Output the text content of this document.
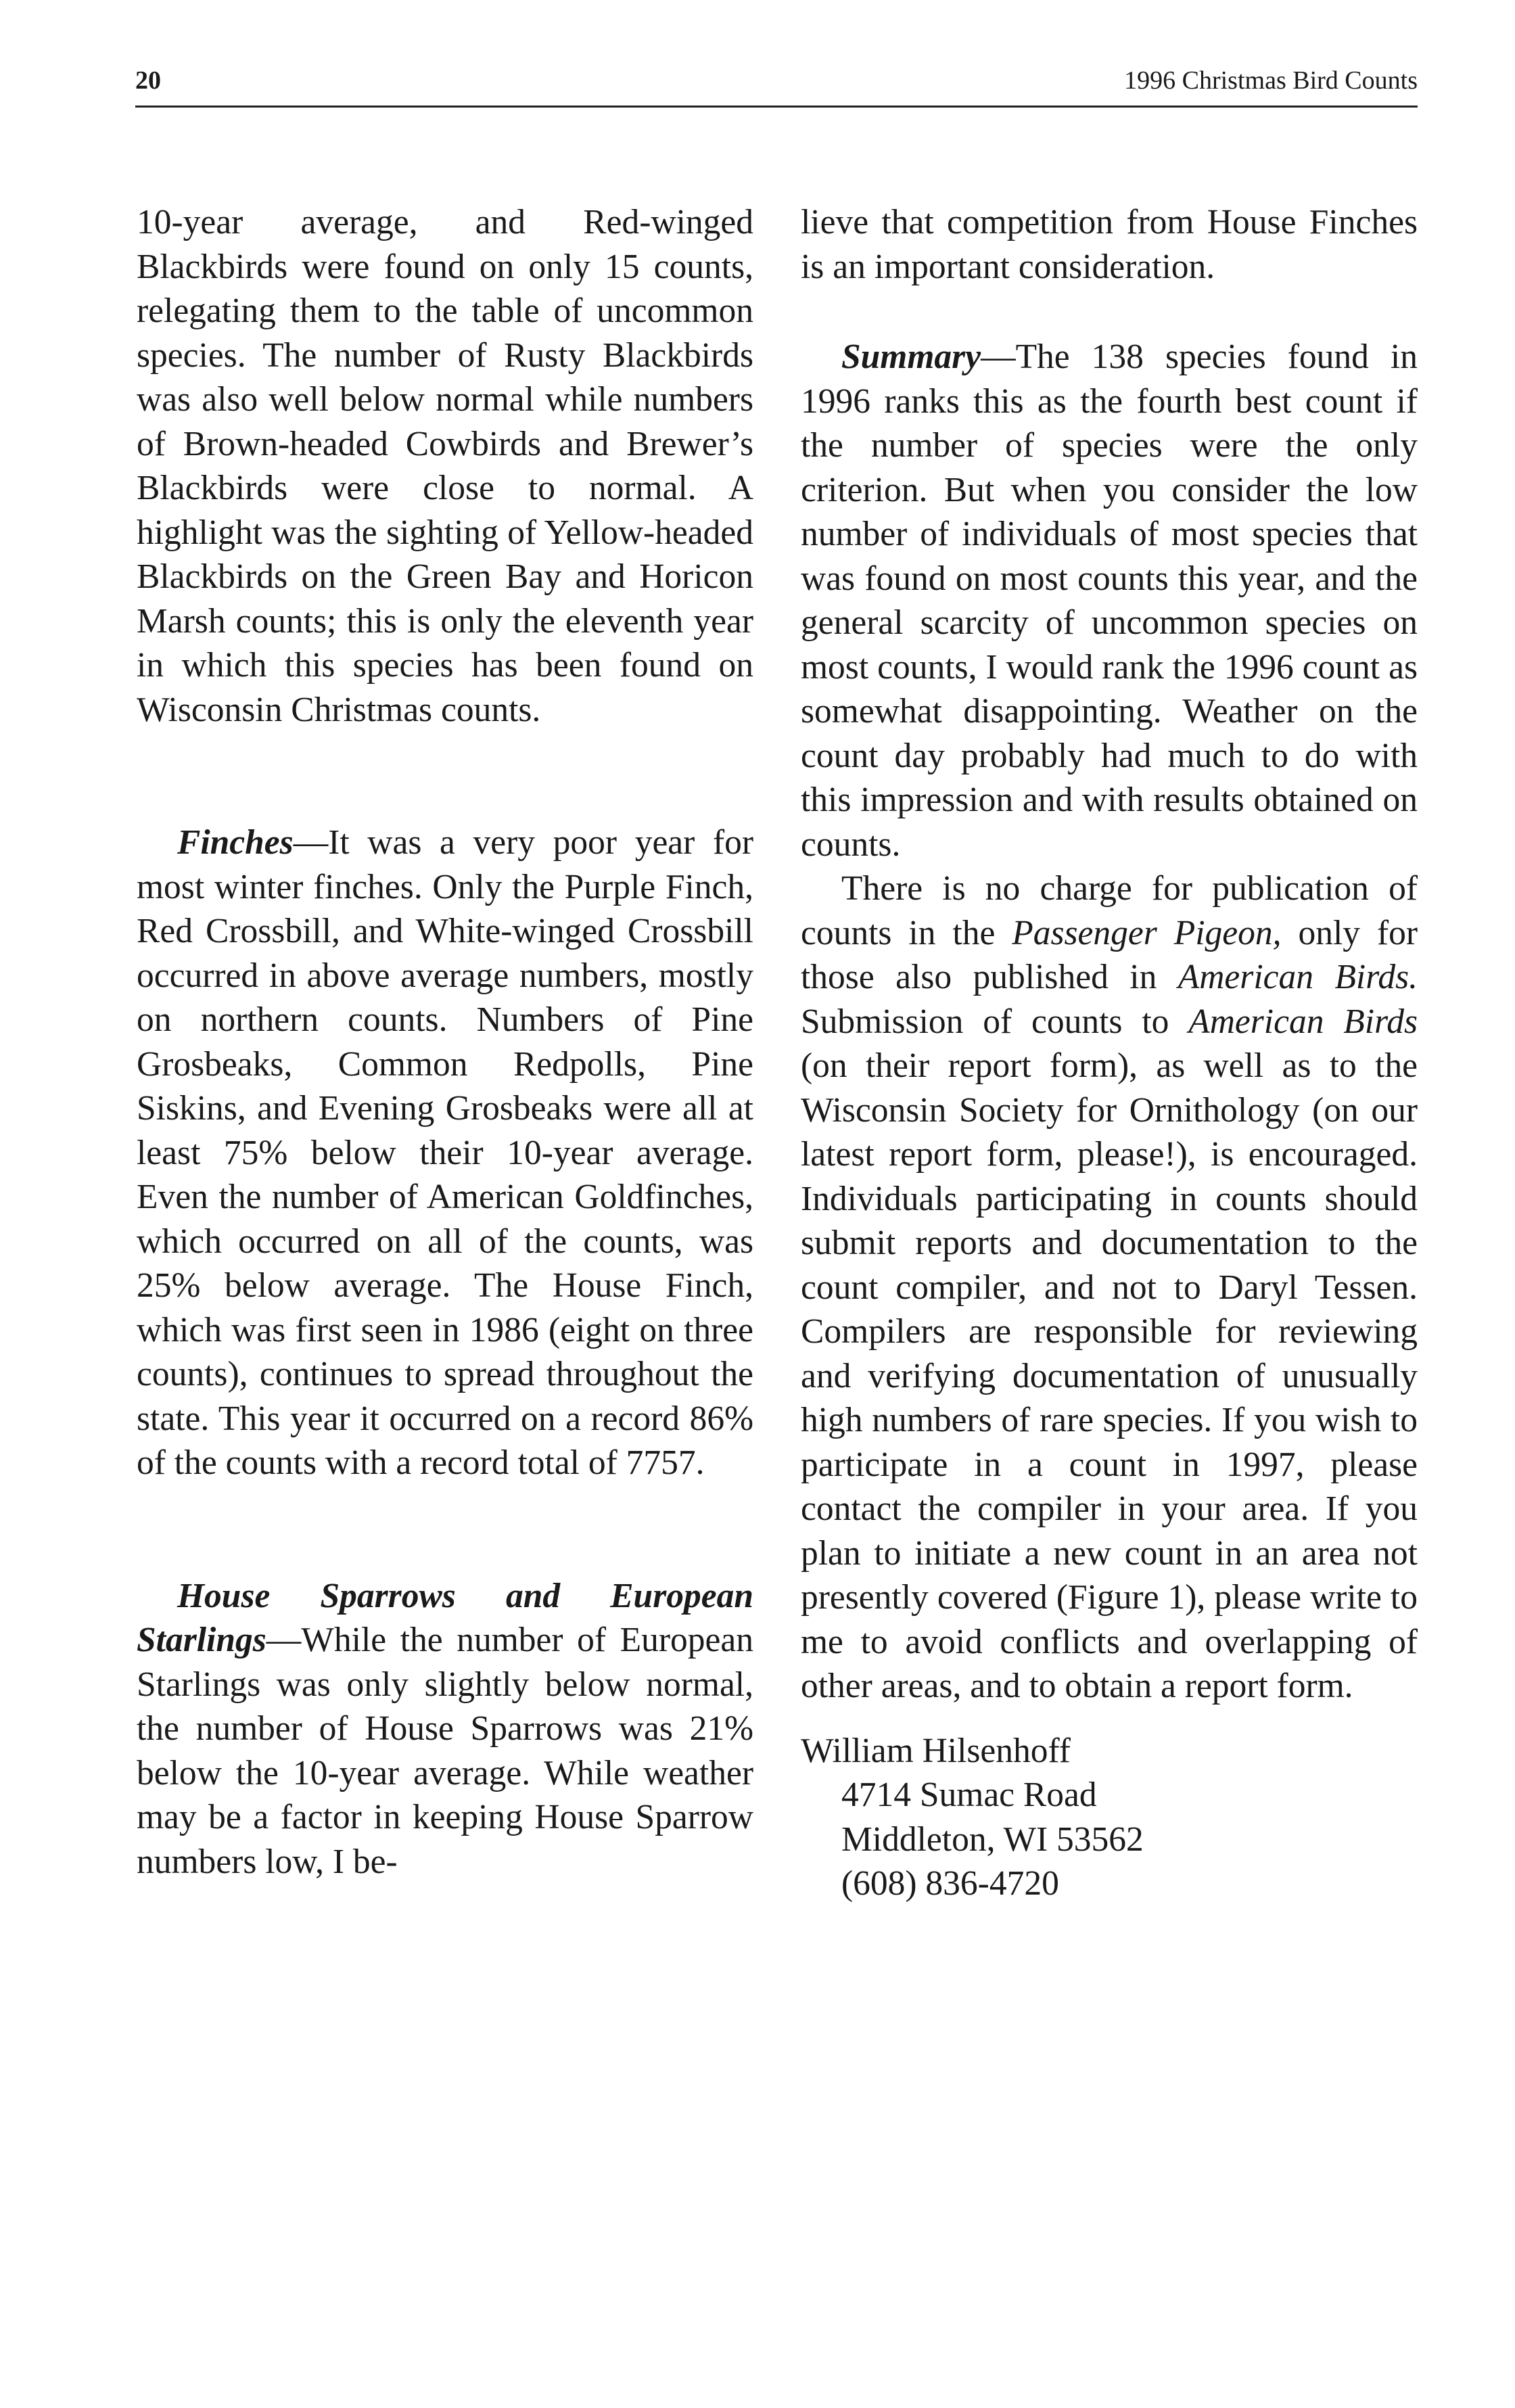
20	1996 Christmas Bird Counts

10-year average, and Red-winged Blackbirds were found on only 15 counts, relegating them to the table of uncommon species. The number of Rusty Blackbirds was also well below normal while numbers of Brown-headed Cowbirds and Brewer’s Blackbirds were close to normal. A highlight was the sighting of Yellow-headed Blackbirds on the Green Bay and Horicon Marsh counts; this is only the eleventh year in which this species has been found on Wisconsin Christmas counts.

Finches—It was a very poor year for most winter finches. Only the Purple Finch, Red Crossbill, and White-winged Crossbill occurred in above average numbers, mostly on northern counts. Numbers of Pine Grosbeaks, Common Redpolls, Pine Siskins, and Evening Grosbeaks were all at least 75% below their 10-year average. Even the number of American Goldfinches, which occurred on all of the counts, was 25% below average. The House Finch, which was first seen in 1986 (eight on three counts), continues to spread throughout the state. This year it occurred on a record 86% of the counts with a record total of 7757.

House Sparrows and European Starlings—While the number of European Starlings was only slightly below normal, the number of House Sparrows was 21% below the 10-year average. While weather may be a factor in keeping House Sparrow numbers low, I be-

lieve that competition from House Finches is an important consideration.

Summary—The 138 species found in 1996 ranks this as the fourth best count if the number of species were the only criterion. But when you consider the low number of individuals of most species that was found on most counts this year, and the general scarcity of uncommon species on most counts, I would rank the 1996 count as somewhat disappointing. Weather on the count day probably had much to do with this impression and with results obtained on counts.

There is no charge for publication of counts in the Passenger Pigeon, only for those also published in American Birds. Submission of counts to American Birds (on their report form), as well as to the Wisconsin Society for Ornithology (on our latest report form, please!), is encouraged. Individuals participating in counts should submit reports and documentation to the count compiler, and not to Daryl Tessen. Compilers are responsible for reviewing and verifying documentation of unusually high numbers of rare species. If you wish to participate in a count in 1997, please contact the compiler in your area. If you plan to initiate a new count in an area not presently covered (Figure 1), please write to me to avoid conflicts and overlapping of other areas, and to obtain a report form.

William Hilsenhoff
4714 Sumac Road
Middleton, WI 53562
(608) 836-4720
